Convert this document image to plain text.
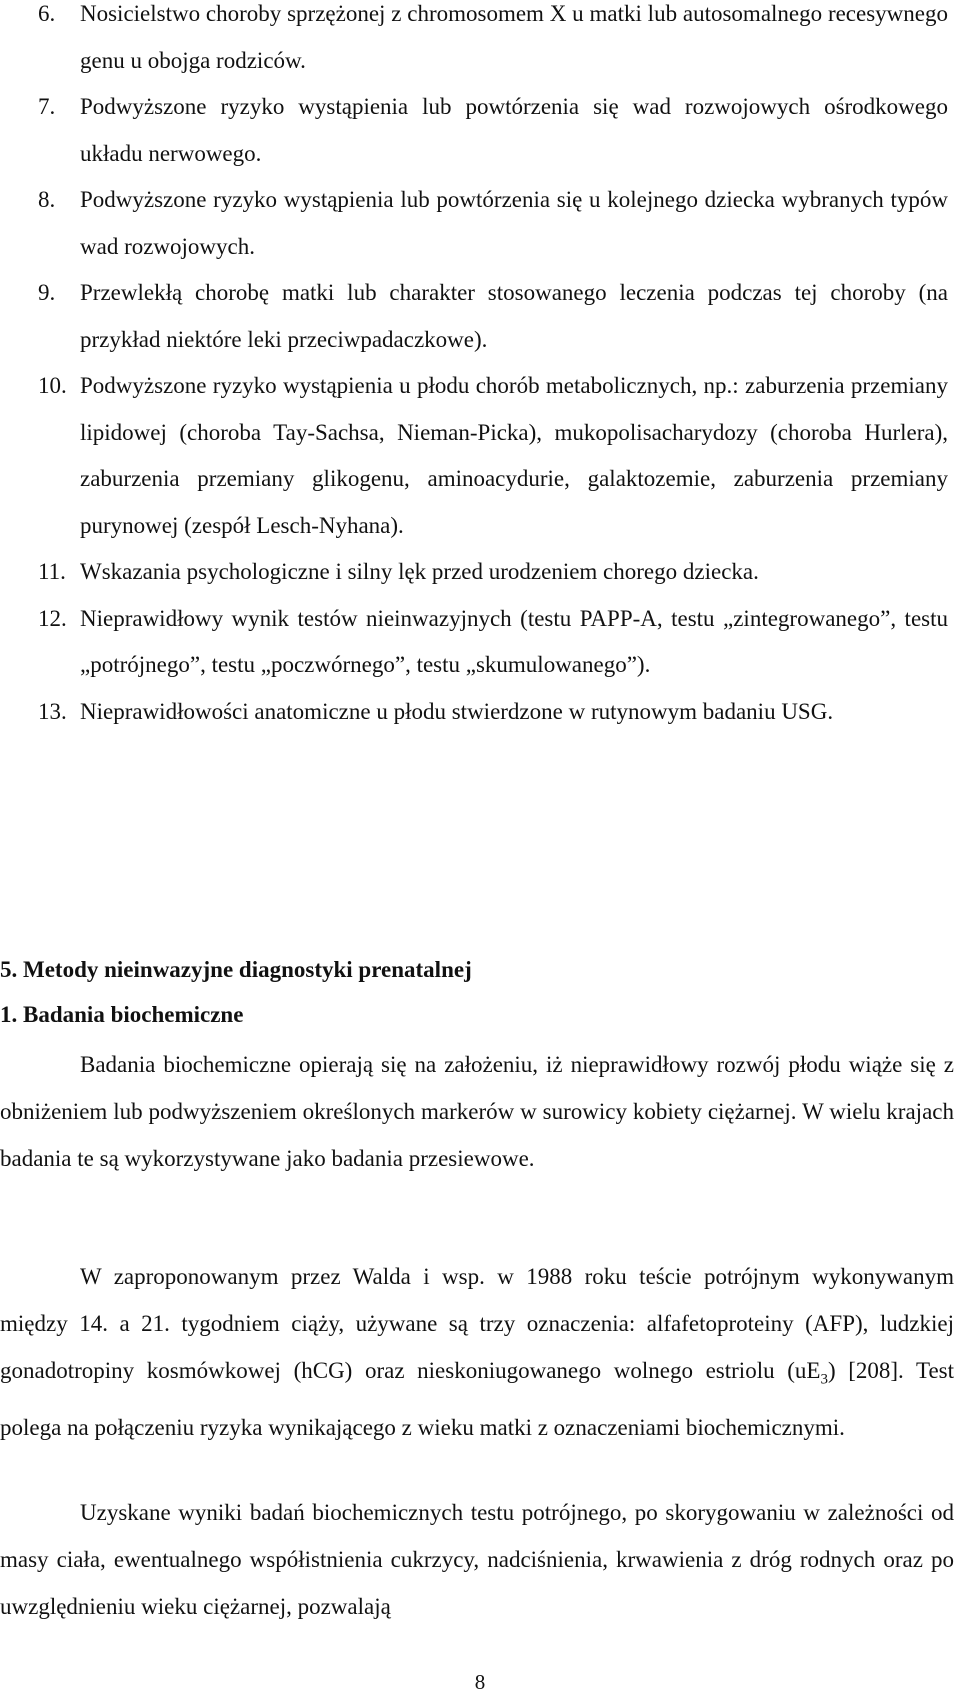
6. Nosicielstwo choroby sprzężonej z chromosomem X u matki lub autosomalnego recesywnego genu u obojga rodziców.
7. Podwyższone ryzyko wystąpienia lub powtórzenia się wad rozwojowych ośrodkowego układu nerwowego.
8. Podwyższone ryzyko wystąpienia lub powtórzenia się u kolejnego dziecka wybranych typów wad rozwojowych.
9. Przewlekłą chorobę matki lub charakter stosowanego leczenia podczas tej choroby (na przykład niektóre leki przeciwpadaczkowe).
10. Podwyższone ryzyko wystąpienia u płodu chorób metabolicznych, np.: zaburzenia przemiany lipidowej (choroba Tay-Sachsa, Nieman-Picka), mukopolisacharydozy (choroba Hurlera), zaburzenia przemiany glikogenu, aminoacydurie, galaktozemie, zaburzenia przemiany purynowej (zespół Lesch-Nyhana).
11. Wskazania psychologiczne i silny lęk przed urodzeniem chorego dziecka.
12. Nieprawidłowy wynik testów nieinwazyjnych (testu PAPP-A, testu „zintegrowanego”, testu „potrójnego”, testu „poczwórnego”, testu „skumulowanego”).
13. Nieprawidłowości anatomiczne u płodu stwierdzone w rutynowym badaniu USG.
5. Metody nieinwazyjne diagnostyki prenatalnej
1. Badania biochemiczne

Badania biochemiczne opierają się na założeniu, iż nieprawidłowy rozwój płodu wiąże się z obniżeniem lub podwyższeniem określonych markerów w surowicy kobiety ciężarnej. W wielu krajach badania te są wykorzystywane jako badania przesiewowe.

W zaproponowanym przez Walda i wsp. w 1988 roku teście potrójnym wykonywanym między 14. a 21. tygodniem ciąży, używane są trzy oznaczenia: alfafetoproteiny (AFP), ludzkiej gonadotropiny kosmówkowej (hCG) oraz nieskoniugowanego wolnego estriolu $(uE_3)$ [208]. Test polega na połączeniu ryzyka wynikającego z wieku matki z oznaczeniami biochemicznymi.

Uzyskane wyniki badań biochemicznych testu potrójnego, po skorygowaniu w zależności od masy ciała, ewentualnego współistnienia cukrzycy, nadciśnienia, krwawienia z dróg rodnych oraz po uwzględnieniu wieku ciężarnej, pozwalają

8
